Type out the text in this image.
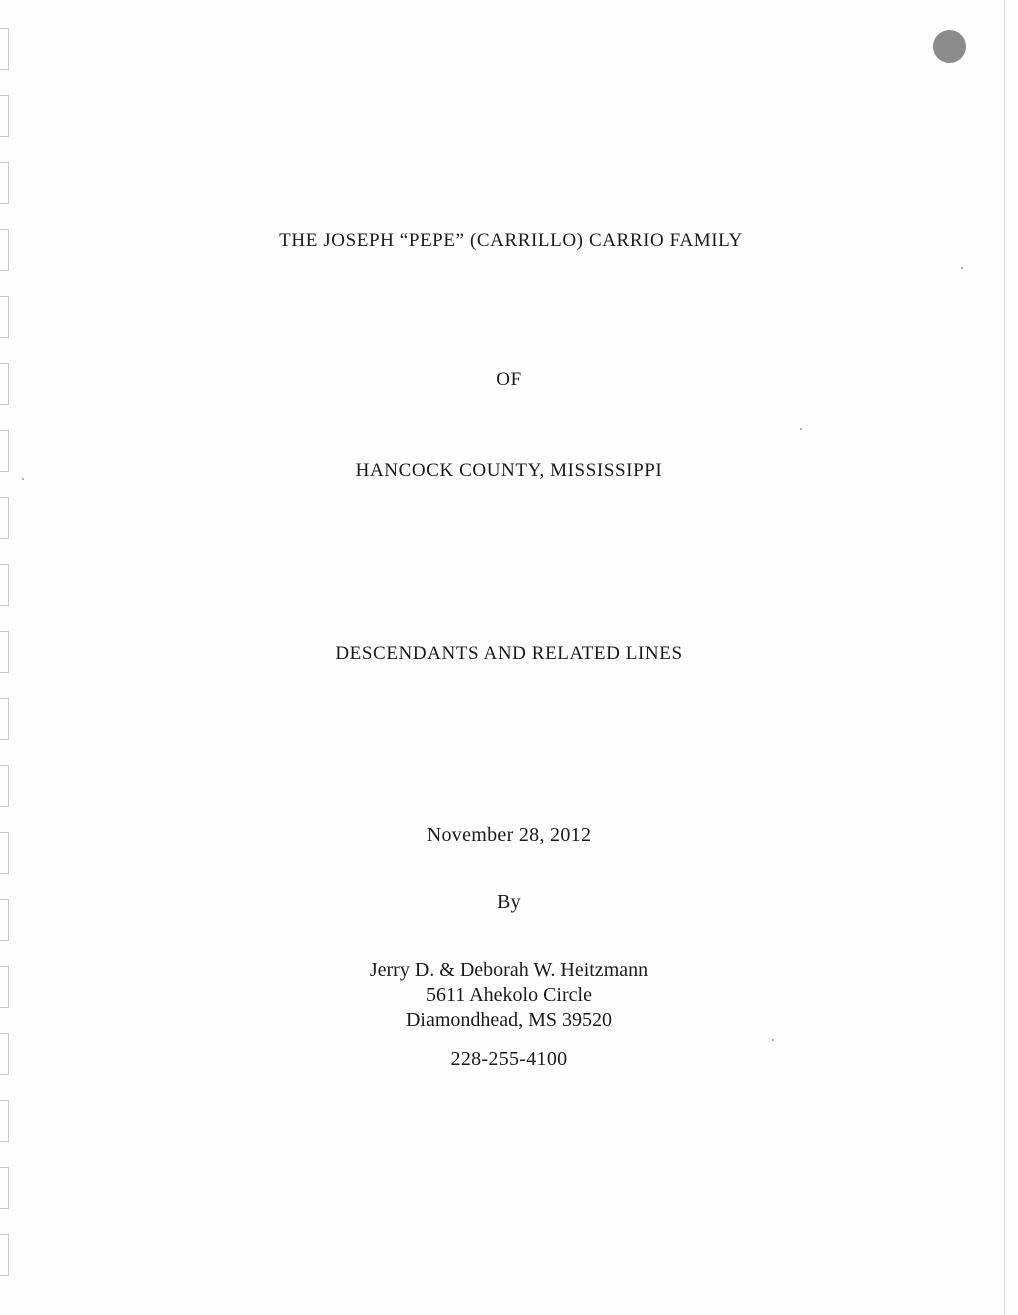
THE JOSEPH “PEPE” (CARRILLO) CARRIO FAMILY
OF
HANCOCK COUNTY, MISSISSIPPI
DESCENDANTS AND RELATED LINES
November 28, 2012
By
Jerry D. & Deborah W. Heitzmann
5611 Ahekolo Circle
Diamondhead, MS 39520
228-255-4100
